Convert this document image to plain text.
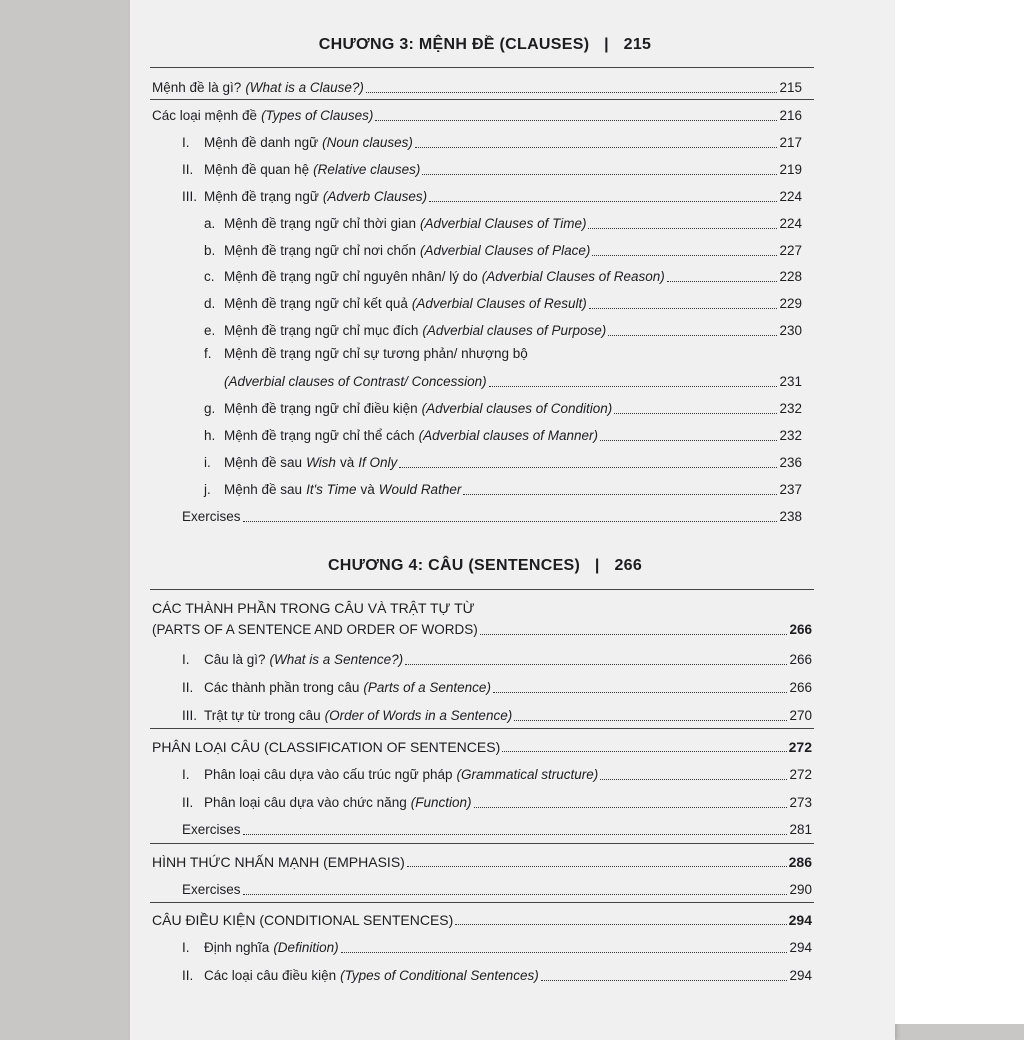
CHƯƠNG 3: MỆNH ĐỀ (CLAUSES) | 215
Mệnh đề là gì? (What is a Clause?)	215
Các loại mệnh đề (Types of Clauses)	216
I.	Mệnh đề danh ngữ (Noun clauses)	217
II. Mệnh đề quan hệ (Relative clauses)	219
III. Mệnh đề trạng ngữ (Adverb Clauses)	224
a. Mệnh đề trạng ngữ chỉ thời gian (Adverbial Clauses of Time)	224
b. Mệnh đề trạng ngữ chỉ nơi chốn (Adverbial Clauses of Place)	227
c. Mệnh đề trạng ngữ chỉ nguyên nhân/ lý do (Adverbial Clauses of Reason)	228
d. Mệnh đề trạng ngữ chỉ kết quả (Adverbial Clauses of Result)	229
e. Mệnh đề trạng ngữ chỉ mục đích (Adverbial clauses of Purpose)	230
f. Mệnh đề trạng ngữ chỉ sự tương phản/ nhượng bộ
(Adverbial clauses of Contrast/ Concession)	231
g. Mệnh đề trạng ngữ chỉ điều kiện (Adverbial clauses of Condition)	232
h. Mệnh đề trạng ngữ chỉ thể cách (Adverbial clauses of Manner)	232
i. Mệnh đề sau Wish và If Only	236
j. Mệnh đề sau It's Time và Would Rather	237
Exercises	238
CHƯƠNG 4: CÂU (SENTENCES) | 266
CÁC THÀNH PHẦN TRONG CÂU VÀ TRẬT TỰ TỪ
(PARTS OF A SENTENCE AND ORDER OF WORDS)	266
I.	Câu là gì? (What is a Sentence?)	266
II. Các thành phần trong câu (Parts of a Sentence)	266
III. Trật tự từ trong câu (Order of Words in a Sentence)	270
PHÂN LOẠI CÂU (CLASSIFICATION OF SENTENCES)	272
I.	Phân loại câu dựa vào cấu trúc ngữ pháp (Grammatical structure)	272
II. Phân loại câu dựa vào chức năng (Function)	273
Exercises	281
HÌNH THỨC NHẤN MẠNH (EMPHASIS)	286
Exercises	290
CÂU ĐIỀU KIỆN (CONDITIONAL SENTENCES)	294
I.	Định nghĩa (Definition)	294
II. Các loại câu điều kiện (Types of Conditional Sentences)	294
